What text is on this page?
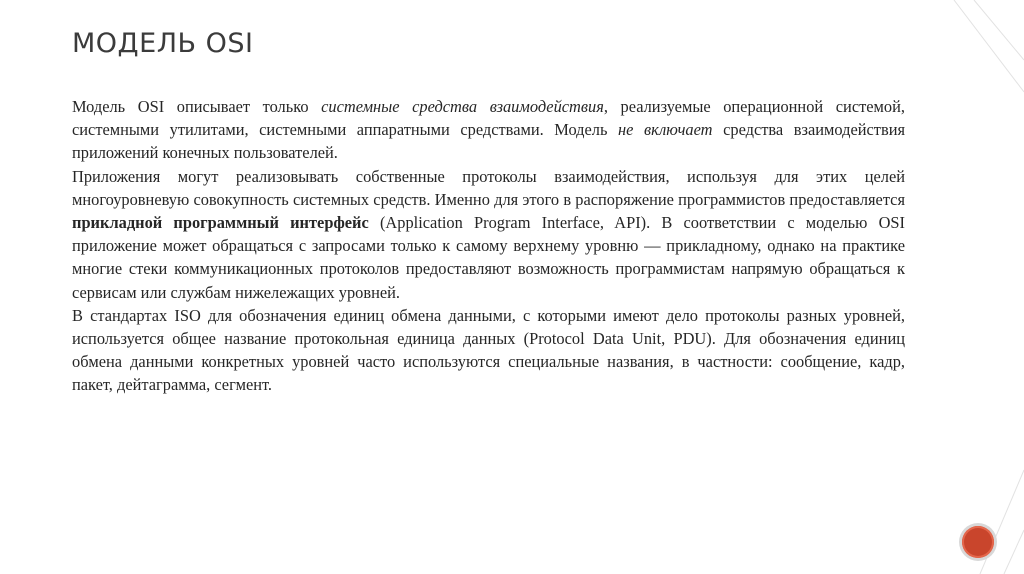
МОДЕЛЬ OSI

Модель OSI описывает только системные средства взаимодействия, реализуемые операционной системой, системными утилитами, системными аппаратными средствами. Модель не включает средства взаимодействия приложений конечных пользователей.

Приложения могут реализовывать собственные протоколы взаимодействия, используя для этих целей многоуровневую совокупность системных средств. Именно для этого в распоряжение программистов предоставляется прикладной программный интерфейс (Application Program Interface, API). В соответствии с моделью OSI приложение может обращаться с запросами только к самому верхнему уровню — прикладному, однако на практике многие стеки коммуникационных протоколов предоставляют возможность программистам напрямую обращаться к сервисам или службам нижележащих уровней.

В стандартах ISO для обозначения единиц обмена данными, с которыми имеют дело протоколы разных уровней, используется общее название протокольная единица данных (Protocol Data Unit, PDU). Для обозначения единиц обмена данными конкретных уровней часто используются специальные названия, в частности: сообщение, кадр, пакет, дейтаграмма, сегмент.
